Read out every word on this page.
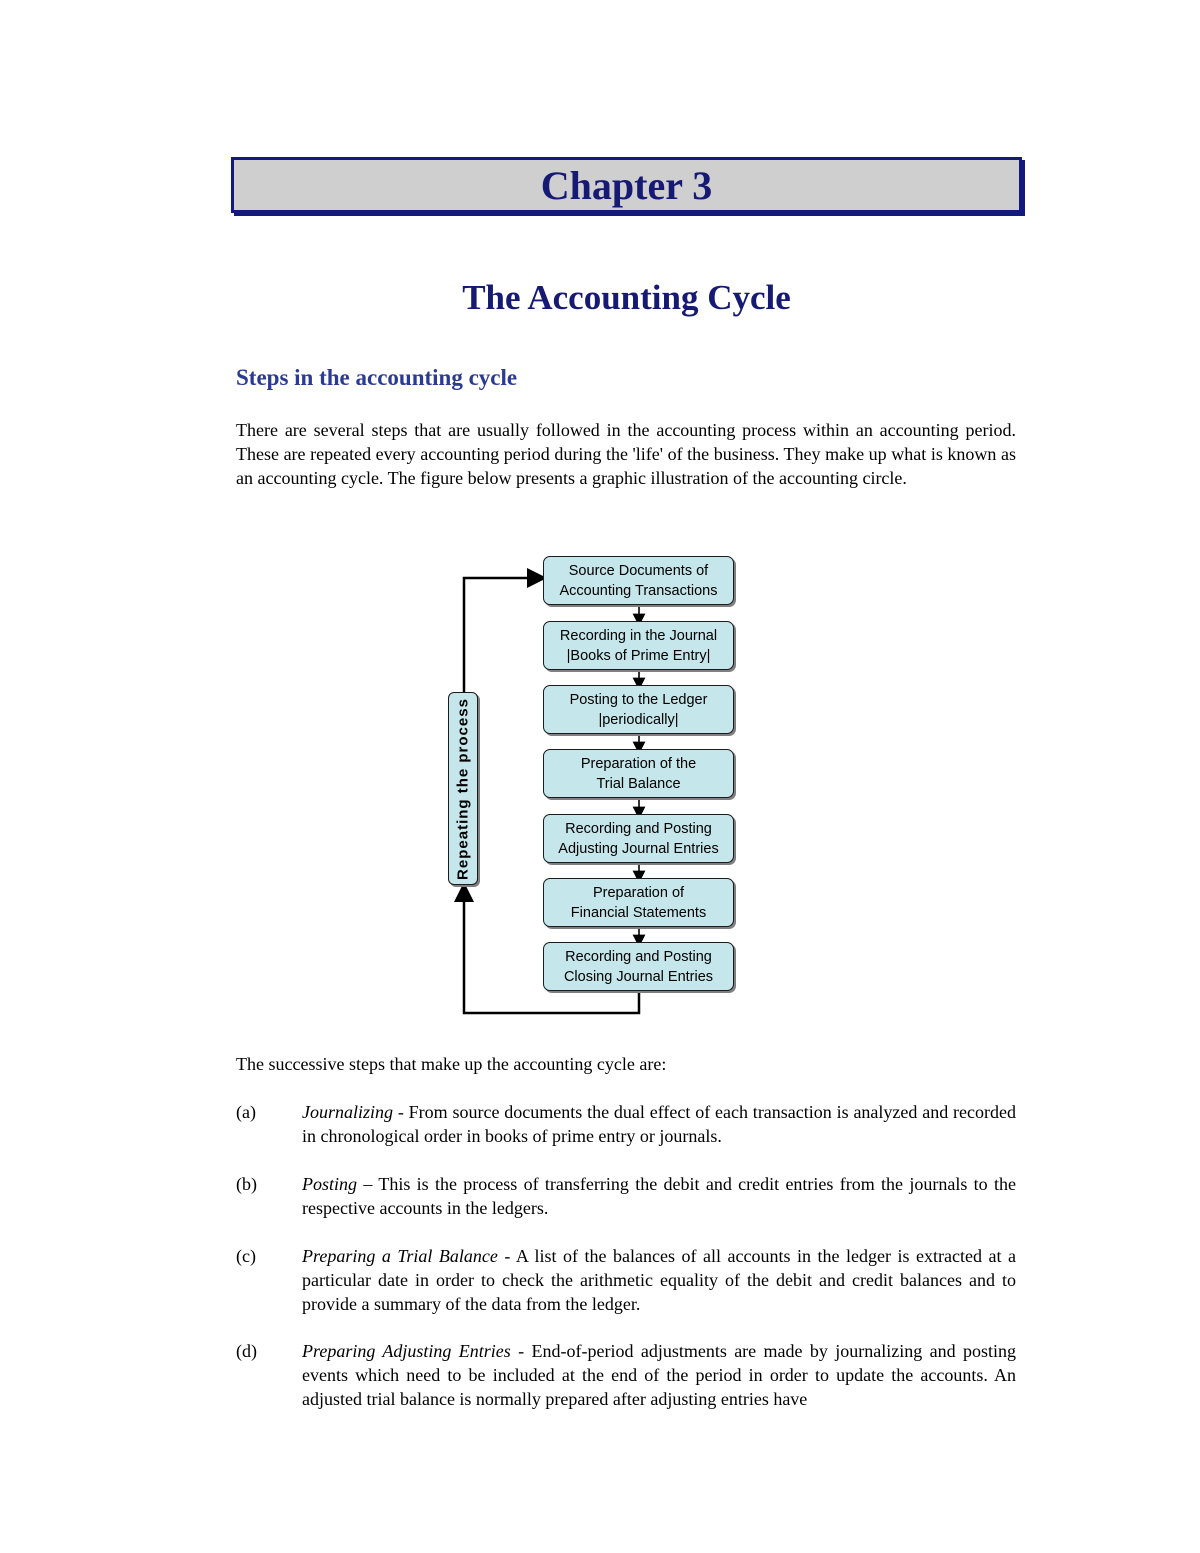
Chapter 3
The Accounting Cycle
Steps in the accounting cycle
There are several steps that are usually followed in the accounting process within an accounting period. These are repeated every accounting period during the 'life' of the business. They make up what is known as an accounting cycle. The figure below presents a graphic illustration of the accounting circle.
Source Documents of
Accounting Transactions
Recording in the Journal
|Books of Prime Entry|
Posting to the Ledger
|periodically|
Preparation of the
Trial Balance
Recording and Posting
Adjusting Journal Entries
Preparation of
Financial Statements
Recording and Posting
Closing Journal Entries
Repeating the process
The successive steps that make up the accounting cycle are:
(a)	Journalizing - From source documents the dual effect of each transaction is analyzed and recorded in chronological order in books of prime entry or journals.
(b)	Posting – This is the process of transferring the debit and credit entries from the journals to the respective accounts in the ledgers.
(c)	Preparing a Trial Balance - A list of the balances of all accounts in the ledger is extracted at a particular date in order to check the arithmetic equality of the debit and credit balances and to provide a summary of the data from the ledger.
(d)	Preparing Adjusting Entries - End-of-period adjustments are made by journalizing and posting events which need to be included at the end of the period in order to update the accounts. An adjusted trial balance is normally prepared after adjusting entries have
